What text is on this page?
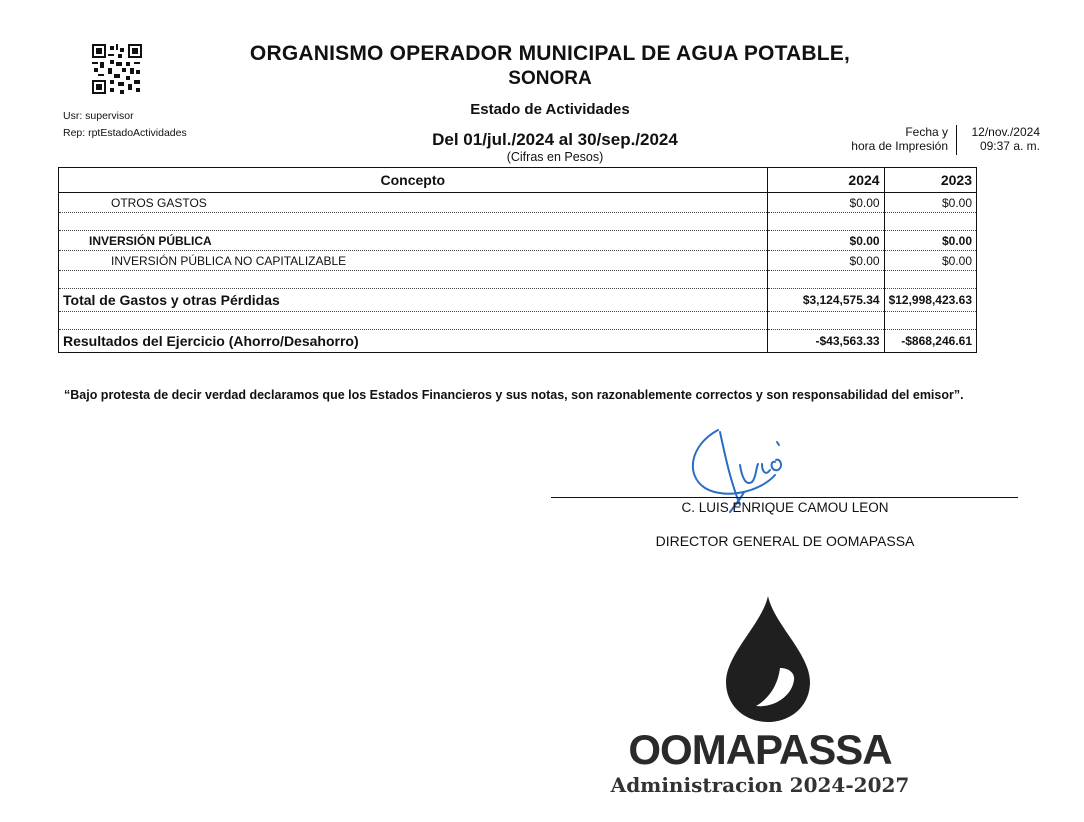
ORGANISMO OPERADOR MUNICIPAL DE AGUA POTABLE,
SONORA
Estado de Actividades
Usr: supervisor
Rep: rptEstadoActividades	Del 01/jul./2024 al 30/sep./2024
(Cifras en Pesos)
Fecha y
hora de Impresión
12/nov./2024
09:37 a. m.
Concepto	2024	2023
OTROS GASTOS	$0.00	$0.00

INVERSIÓN PÚBLICA	$0.00	$0.00
INVERSIÓN PÚBLICA NO CAPITALIZABLE	$0.00	$0.00

Total de Gastos y otras Pérdidas	$3,124,575.34	$12,998,423.63

Resultados del Ejercicio (Ahorro/Desahorro)	-$43,563.33	-$868,246.61
“Bajo protesta de decir verdad declaramos que los Estados Financieros y sus notas, son razonablemente correctos y son responsabilidad del emisor”.
C. LUIS ENRIQUE CAMOU LEON
DIRECTOR GENERAL DE OOMAPASSA
OOMAPASSA
Administracion 2024-2027
